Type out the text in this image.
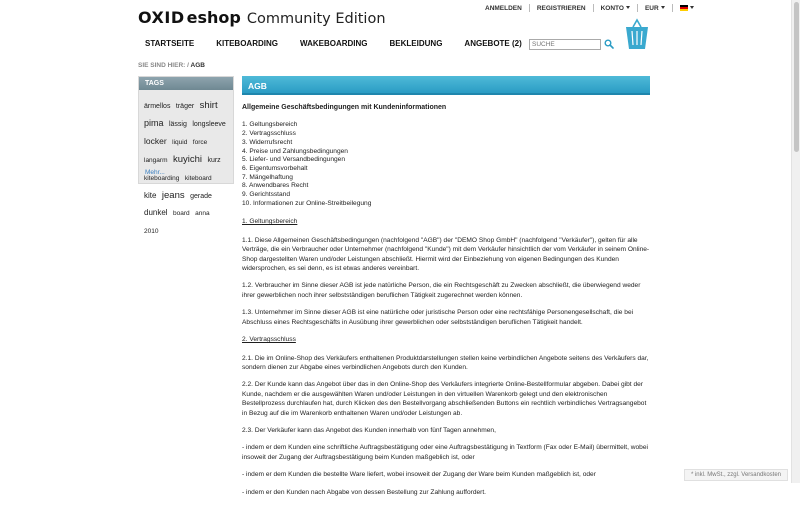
OXID eshop Community Edition
ANMELDEN	REGISTRIEREN	KONTO	EUR
STARTSEITE	KITEBOARDING	WAKEBOARDING	BEKLEIDUNG	ANGEBOTE (2)
SUCHE
SIE SIND HIER: / AGB
TAGS
ärmellos träger shirt pima lässig longsleeve locker liquid force langarm kuyichi kurz kiteboarding kiteboard kite jeans gerade dunkel board anna 2010
Mehr...
AGB
Allgemeine Geschäftsbedingungen mit Kundeninformationen
1. Geltungsbereich
2. Vertragsschluss
3. Widerrufsrecht
4. Preise und Zahlungsbedingungen
5. Liefer- und Versandbedingungen
6. Eigentumsvorbehalt
7. Mängelhaftung
8. Anwendbares Recht
9. Gerichtsstand
10. Informationen zur Online-Streitbeilegung
1. Geltungsbereich

1.1. Diese Allgemeinen Geschäftsbedingungen (nachfolgend "AGB") der "DEMO Shop GmbH" (nachfolgend "Verkäufer"), gelten für alle Verträge, die ein Verbraucher oder Unternehmer (nachfolgend "Kunde") mit dem Verkäufer hinsichtlich der vom Verkäufer in seinem Online-Shop dargestellten Waren und/oder Leistungen abschließt. Hiermit wird der Einbeziehung von eigenen Bedingungen des Kunden widersprochen, es sei denn, es ist etwas anderes vereinbart.

1.2. Verbraucher im Sinne dieser AGB ist jede natürliche Person, die ein Rechtsgeschäft zu Zwecken abschließt, die überwiegend weder ihrer gewerblichen noch ihrer selbstständigen beruflichen Tätigkeit zugerechnet werden können.

1.3. Unternehmer im Sinne dieser AGB ist eine natürliche oder juristische Person oder eine rechtsfähige Personengesellschaft, die bei Abschluss eines Rechtsgeschäfts in Ausübung ihrer gewerblichen oder selbstständigen beruflichen Tätigkeit handelt.

2. Vertragsschluss

2.1. Die im Online-Shop des Verkäufers enthaltenen Produktdarstellungen stellen keine verbindlichen Angebote seitens des Verkäufers dar, sondern dienen zur Abgabe eines verbindlichen Angebots durch den Kunden.

2.2. Der Kunde kann das Angebot über das in den Online-Shop des Verkäufers integrierte Online-Bestellformular abgeben. Dabei gibt der Kunde, nachdem er die ausgewählten Waren und/oder Leistungen in den virtuellen Warenkorb gelegt und den elektronischen Bestellprozess durchlaufen hat, durch Klicken des den Bestellvorgang abschließenden Buttons ein rechtlich verbindliches Vertragsangebot in Bezug auf die im Warenkorb enthaltenen Waren und/oder Leistungen ab.

2.3. Der Verkäufer kann das Angebot des Kunden innerhalb von fünf Tagen annehmen,

- indem er dem Kunden eine schriftliche Auftragsbestätigung oder eine Auftragsbestätigung in Textform (Fax oder E-Mail) übermittelt, wobei insoweit der Zugang der Auftragsbestätigung beim Kunden maßgeblich ist, oder

- indem er dem Kunden die bestellte Ware liefert, wobei insoweit der Zugang der Ware beim Kunden maßgeblich ist, oder

- indem er den Kunden nach Abgabe von dessen Bestellung zur Zahlung auffordert.

* inkl. MwSt., zzgl. Versandkosten
